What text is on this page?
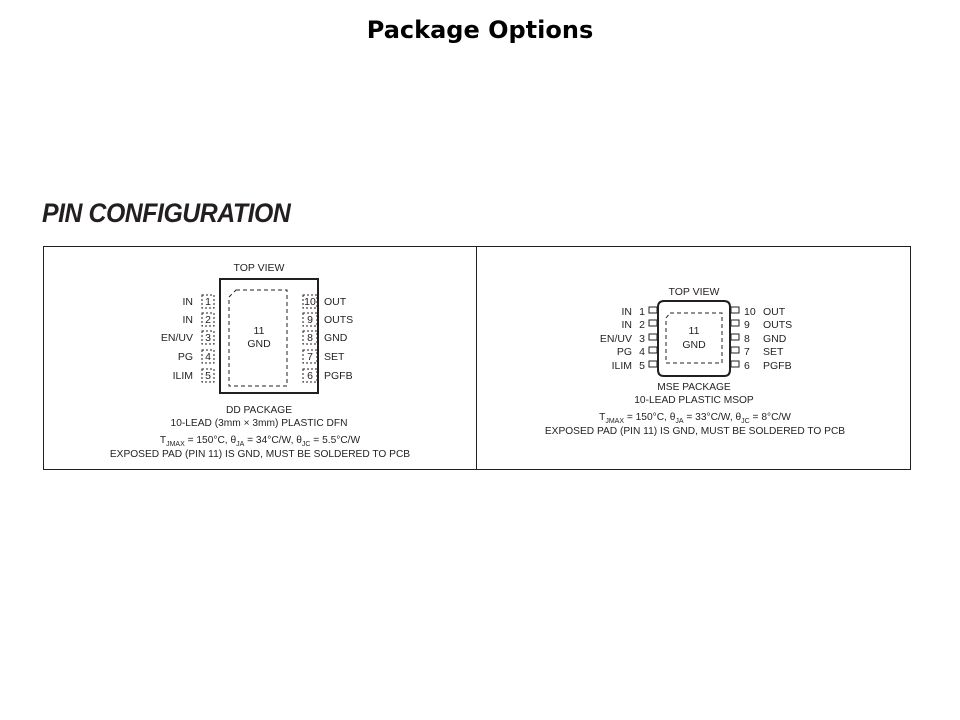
Package Options
PIN CONFIGURATION
TOP VIEW
11
GND
1
IN
2
IN
3
EN/UV
4
PG
5
ILIM
10 OUT
9 OUTS
8 GND
7 SET
6 PGFB
DD PACKAGE
10-LEAD (3mm × 3mm) PLASTIC DFN
$T_{JMAX} = 150^\circ C$, $\theta_{JA} = 34^\circ C/W$, $\theta_{JC} = 5.5^\circ C/W$
EXPOSED PAD (PIN 11) IS GND, MUST BE SOLDERED TO PCB
TOP VIEW
11
GND
1
IN
2
IN
3
EN/UV
4
PG
5
ILIM
10 OUT
9 OUTS
8 GND
7 SET
6 PGFB
MSE PACKAGE
10-LEAD PLASTIC MSOP
$T_{JMAX} = 150^\circ C$, $\theta_{JA} = 33^\circ C/W$, $\theta_{JC} = 8^\circ C/W$
EXPOSED PAD (PIN 11) IS GND, MUST BE SOLDERED TO PCB
